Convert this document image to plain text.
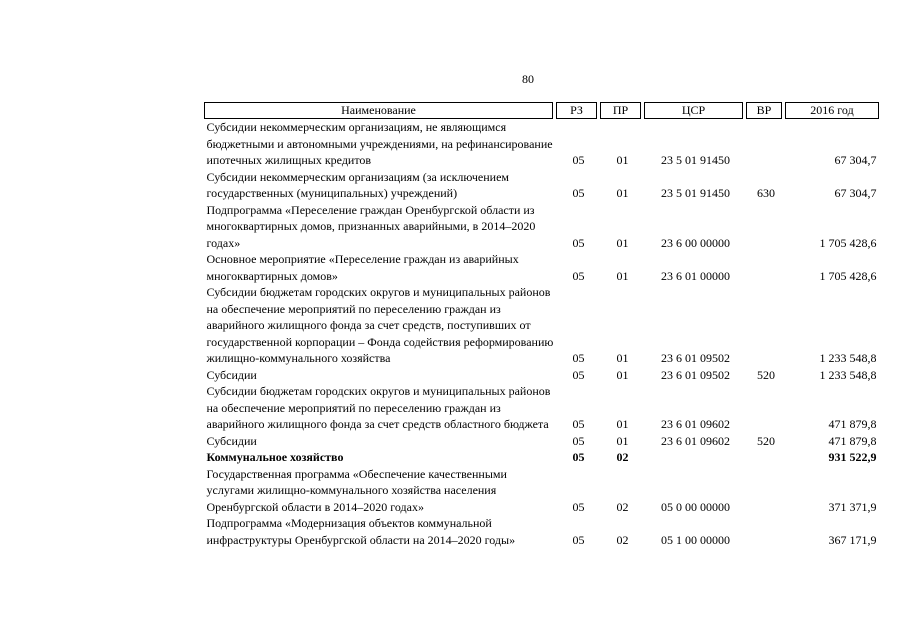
80
Наименование		РЗ		ПР		ЦСР		ВР		2016 год
Субсидии некоммерческим организациям, не являющимся бюджетными и автономными учреждениями, на рефинансирование ипотечных жилищных кредитов		05		01		23 5 01 91450				67 304,7
Субсидии некоммерческим организациям (за исключением государственных (муниципальных) учреждений)		05		01		23 5 01 91450		630		67 304,7
Подпрограмма «Переселение граждан Оренбургской области из многоквартирных домов, признанных аварийными, в 2014–2020 годах»		05		01		23 6 00 00000				1 705 428,6
Основное мероприятие «Переселение граждан из аварийных многоквартирных домов»		05		01		23 6 01 00000				1 705 428,6
Субсидии бюджетам городских округов и муниципальных районов на обеспечение мероприятий по переселению граждан из аварийного жилищного фонда за счет средств, поступивших от государственной корпорации – Фонда содействия реформированию жилищно-коммунального хозяйства		05		01		23 6 01 09502				1 233 548,8
Субсидии		05		01		23 6 01 09502		520		1 233 548,8
Субсидии бюджетам городских округов и муниципальных районов на обеспечение мероприятий по переселению граждан из аварийного жилищного фонда за счет средств областного бюджета		05		01		23 6 01 09602				471 879,8
Субсидии		05		01		23 6 01 09602		520		471 879,8
Коммунальное хозяйство		05		02						931 522,9
Государственная программа «Обеспечение качественными услугами жилищно-коммунального хозяйства населения Оренбургской области в 2014–2020 годах»		05		02		05 0 00 00000				371 371,9
Подпрограмма «Модернизация объектов коммунальной инфраструктуры Оренбургской области на 2014–2020 годы»		05		02		05 1 00 00000				367 171,9
